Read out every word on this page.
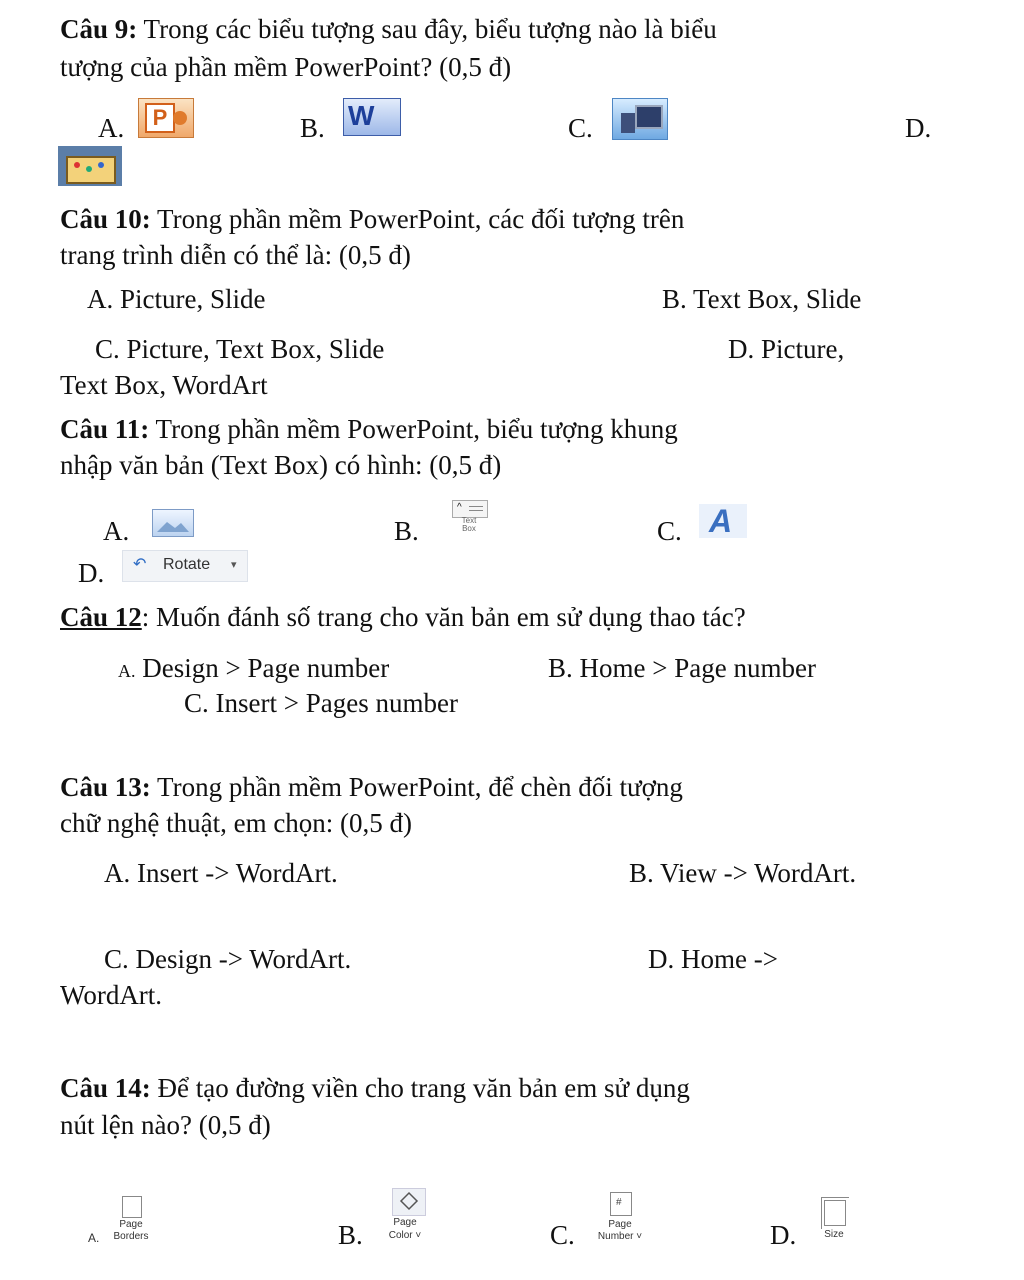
Câu 9: Trong các biểu tượng sau đây, biểu tượng nào là biểu
tượng của phần mềm PowerPoint? (0,5 đ)
A.	P	B. W	C.	D.
Câu 10: Trong phần mềm PowerPoint, các đối tượng trên
trang trình diễn có thể là: (0,5 đ)
A. Picture, Slide	B. Text Box, Slide
C. Picture, Text Box, Slide	D. Picture,
Text Box, WordArt
Câu 11: Trong phần mềm PowerPoint, biểu tượng khung
nhập văn bản (Text Box) có hình: (0,5 đ)
A.	B.
^
Text
Box	C. A
D. ↶ Rotate ▾
Câu 12: Muốn đánh số trang cho văn bản em sử dụng thao tác?
A. Design > Page number	B. Home > Page number
C. Insert > Pages number
Câu 13: Trong phần mềm PowerPoint, để chèn đối tượng
chữ nghệ thuật, em chọn: (0,5 đ)
A. Insert -> WordArt.	B. View -> WordArt.
C. Design -> WordArt.	D. Home ->
WordArt.
Câu 14: Để tạo đường viền cho trang văn bản em sử dụng
nút lện nào? (0,5 đ)
A.
Page
Borders	B.	Page
Color ˅	C.
#
Page
Number ˅	D.	Size
